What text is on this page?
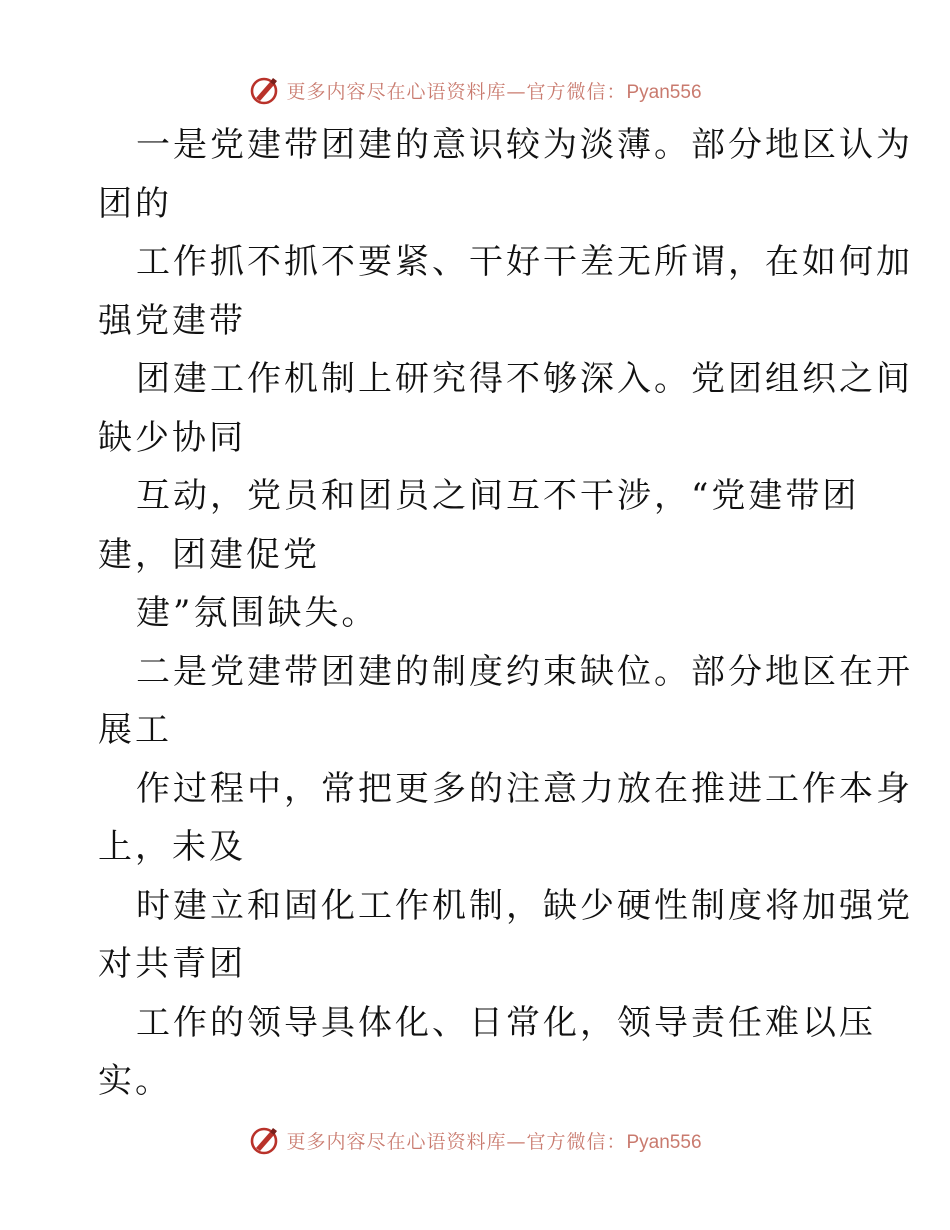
更多内容尽在心语资料库—官方微信：Pyan556
一是党建带团建的意识较为淡薄。部分地区认为
团的
工作抓不抓不要紧、干好干差无所谓，在如何加
强党建带
团建工作机制上研究得不够深入。党团组织之间
缺少协同
互动，党员和团员之间互不干涉，“党建带团
建，团建促党
建”氛围缺失。
二是党建带团建的制度约束缺位。部分地区在开
展工
作过程中，常把更多的注意力放在推进工作本身
上，未及
时建立和固化工作机制，缺少硬性制度将加强党
对共青团
工作的领导具体化、日常化，领导责任难以压
实。
更多内容尽在心语资料库—官方微信：Pyan556
